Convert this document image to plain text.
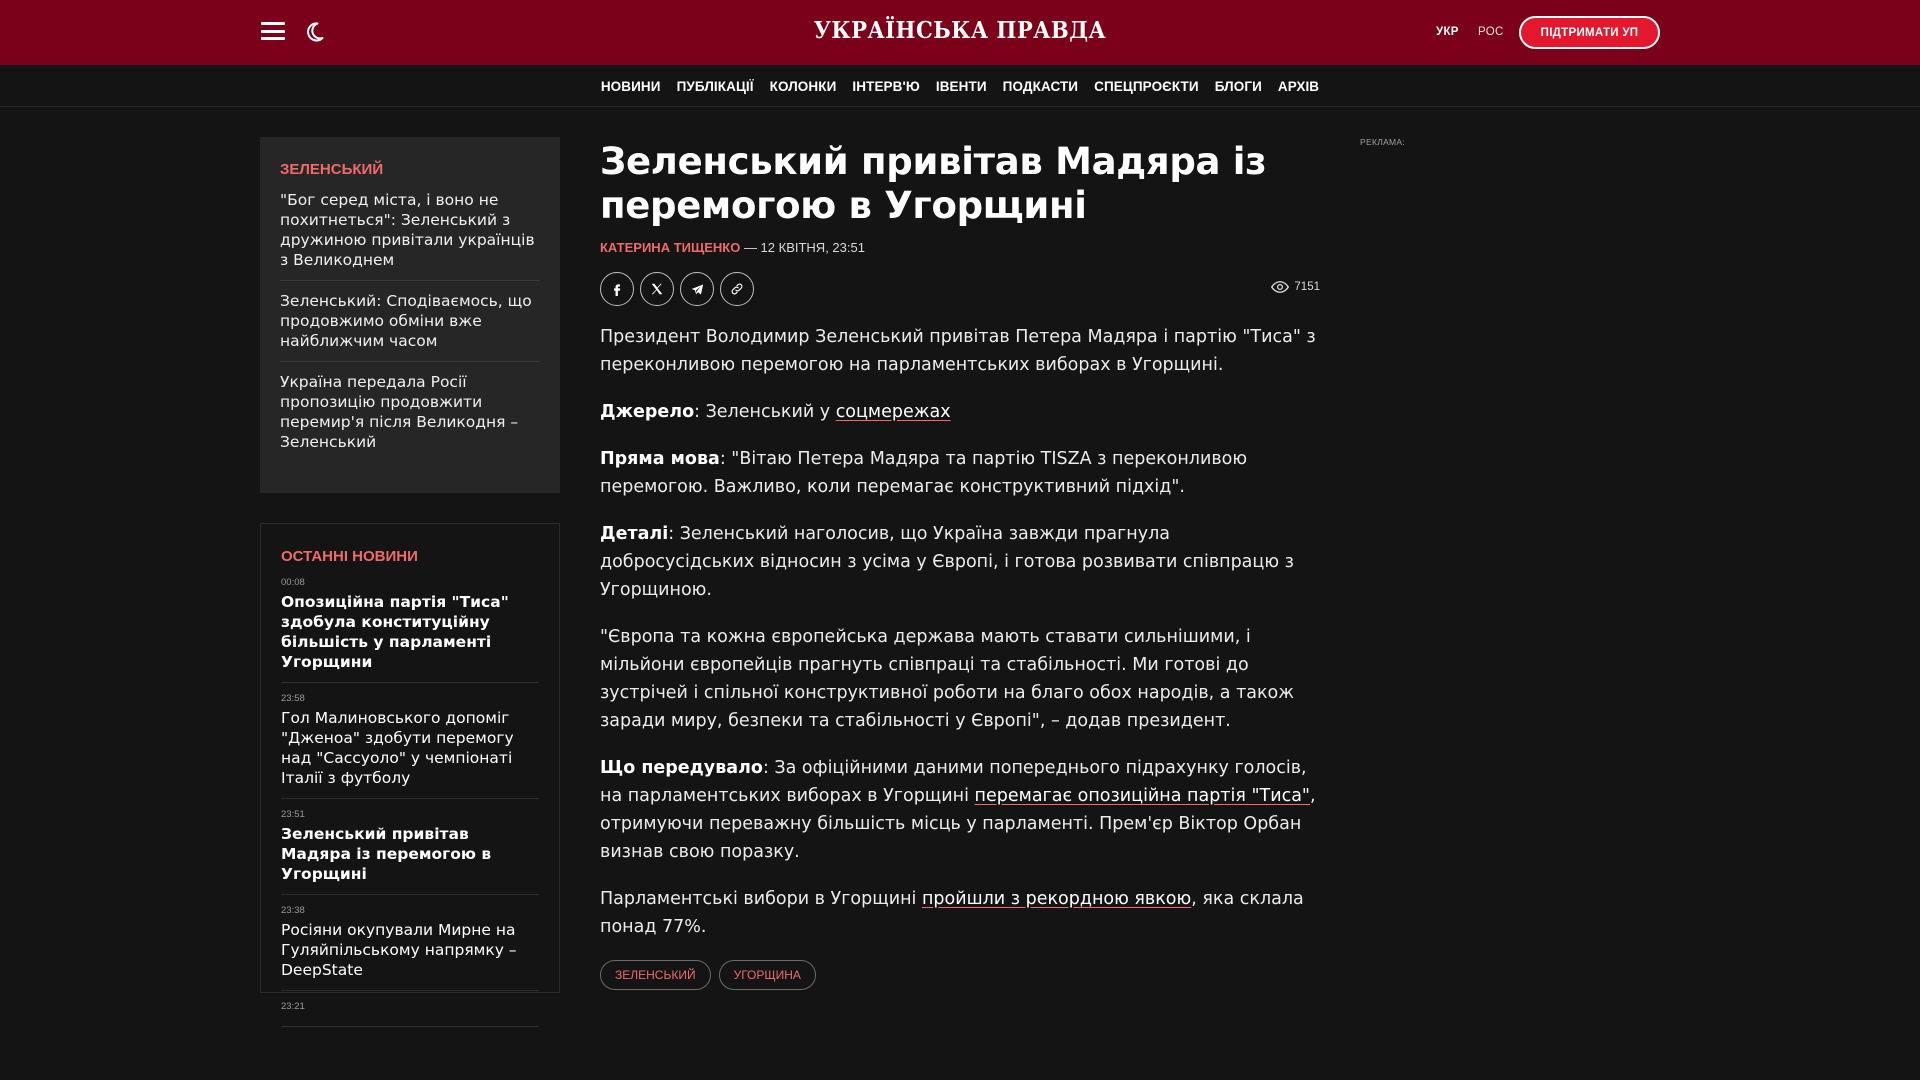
УКРАЇНСЬКА ПРАВДА	УКР РОС	ПІДТРИМАТИ УП
НОВИНИ ПУБЛІКАЦІЇ КОЛОНКИ ІНТЕРВ'Ю ІВЕНТИ ПОДКАСТИ СПЕЦПРОЄКТИ БЛОГИ АРХІВ
ЗЕЛЕНСЬКИЙ
"Бог серед міста, і воно не похитнеться": Зеленський з дружиною привітали українців з Великоднем
Зеленський: Сподіваємось, що продовжимо обміни вже найближчим часом
Україна передала Росії пропозицію продовжити перемир'я після Великодня – Зеленський
ОСТАННІ НОВИНИ
00:08
Опозиційна партія "Тиса" здобула конституційну більшість у парламенті Угорщини
23:58
Гол Малиновського допоміг "Дженоа" здобути перемогу над "Сассуоло" у чемпіонаті Італії з футболу
23:51
Зеленський привітав Мадяра із перемогою в Угорщині
23:38
Росіяни окупували Мирне на Гуляйпільському напрямку – DeepState
23:21
Зеленський привітав Мадяра із перемогою в Угорщині
КАТЕРИНА ТИЩЕНКО — 12 КВІТНЯ, 23:51
7151

Президент Володимир Зеленський привітав Петера Мадяра і партію "Тиса" з переконливою перемогою на парламентських виборах в Угорщині.

Джерело: Зеленський у соцмережах

Пряма мова: "Вітаю Петера Мадяра та партію TISZA з переконливою перемогою. Важливо, коли перемагає конструктивний підхід".

Деталі: Зеленський наголосив, що Україна завжди прагнула добросусідських відносин з усіма у Європі, і готова розвивати співпрацю з Угорщиною.

"Європа та кожна європейська держава мають ставати сильнішими, і мільйони європейців прагнуть співпраці та стабільності. Ми готові до зустрічей і спільної конструктивної роботи на благо обох народів, а також заради миру, безпеки та стабільності у Європі", – додав президент.

Що передувало: За офіційними даними попереднього підрахунку голосів, на парламентських виборах в Угорщині перемагає опозиційна партія "Тиса", отримуючи переважну більшість місць у парламенті. Прем'єр Віктор Орбан визнав свою поразку.

Парламентські вибори в Угорщині пройшли з рекордною явкою, яка склала понад 77%.

ЗЕЛЕНСЬКИЙ	УГОРЩИНА
РЕКЛАМА:
